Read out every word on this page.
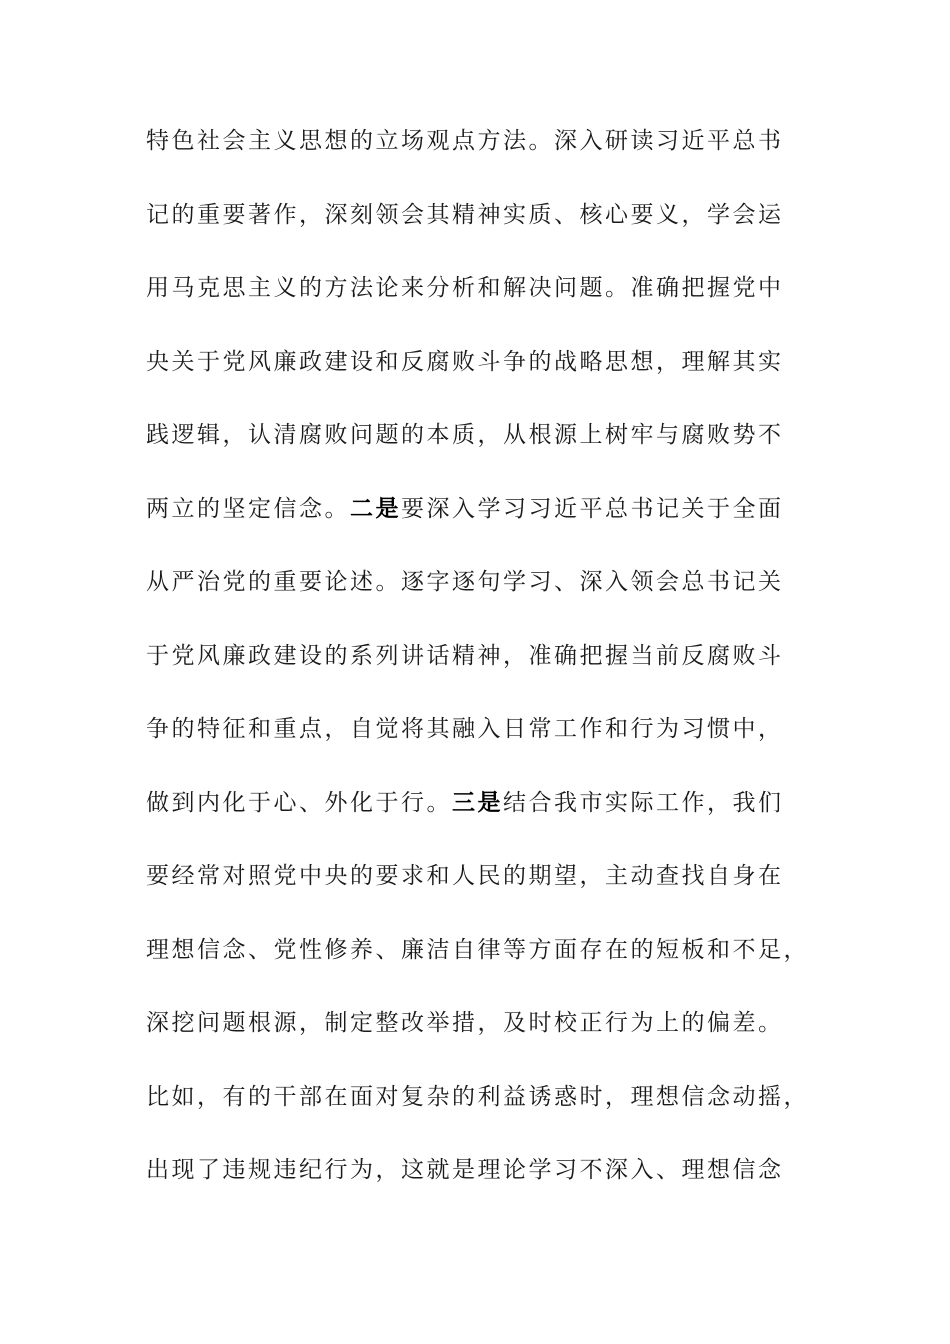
特色社会主义思想的立场观点方法。深入研读习近平总书
记的重要著作，深刻领会其精神实质、核心要义，学会运
用马克思主义的方法论来分析和解决问题。准确把握党中
央关于党风廉政建设和反腐败斗争的战略思想，理解其实
践逻辑，认清腐败问题的本质，从根源上树牢与腐败势不
两立的坚定信念。二是要深入学习习近平总书记关于全面
从严治党的重要论述。逐字逐句学习、深入领会总书记关
于党风廉政建设的系列讲话精神，准确把握当前反腐败斗
争的特征和重点，自觉将其融入日常工作和行为习惯中，
做到内化于心、外化于行。三是结合我市实际工作，我们
要经常对照党中央的要求和人民的期望，主动查找自身在
理想信念、党性修养、廉洁自律等方面存在的短板和不足，
深挖问题根源，制定整改举措，及时校正行为上的偏差。
比如，有的干部在面对复杂的利益诱惑时，理想信念动摇，
出现了违规违纪行为，这就是理论学习不深入、理想信念
